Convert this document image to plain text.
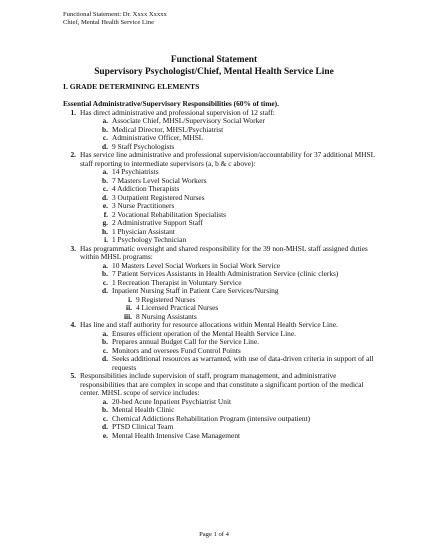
Functional Statement: Dr. Xxxx Xxxxx
Chief, Mental Health Service Line
Functional Statement
Supervisory Psychologist/Chief, Mental Health Service Line
I. GRADE DETERMINING ELEMENTS
Essential Administrative/Supervisory Responsibilities (60% of time).
1. Has direct administrative and professional supervision of 12 staff:
a. Associate Chief, MHSL/Supervisory Social Worker
b. Medical Director, MHSL/Psychiatrist
c. Administrative Officer, MHSL
d. 9 Staff Psychologists
2. Has service line administrative and professional supervision/accountability for 37 additional MHSL staff reporting to intermediate supervisors (a, b & c above):
a. 14 Psychiatrists
b. 7 Masters Level Social Workers
c. 4 Addiction Therapists
d. 3 Outpatient Registered Nurses
e. 3 Nurse Practitioners
f. 2 Vocational Rehabilitation Specialists
g. 2 Administrative Support Staff
h. 1 Physician Assistant
i. 1 Psychology Technician
3. Has programmatic oversight and shared responsibility for the 39 non-MHSL staff assigned duties within MHSL programs:
a. 10 Masters Level Social Workers in Social Work Service
b. 7 Patient Services Assistants in Health Administration Service (clinic clerks)
c. 1 Recreation Therapist in Voluntary Service
d. Inpatient Nursing Staff in Patient Care Services/Nursing
i. 9 Registered Nurses
ii. 4 Licensed Practical Nurses
iii. 8 Nursing Assistants
4. Has line and staff authority for resource allocations within Mental Health Service Line.
a. Ensures efficient operation of the Mental Health Service Line.
b. Prepares annual Budget Call for the Service Line.
c. Monitors and oversees Fund Control Points
d. Seeks additional resources as warranted, with use of data-driven criteria in support of all requests
5. Responsibilities include supervision of staff, program management, and administrative responsibilities that are complex in scope and that constitute a significant portion of the medical center. MHSL scope of service includes:
a. 20-bed Acute Inpatient Psychiatrist Unit
b. Mental Health Clinic
c. Chemical Addictions Rehabilitation Program (intensive outpatient)
d. PTSD Clinical Team
e. Mental Health Intensive Case Management
Page 1 of 4
